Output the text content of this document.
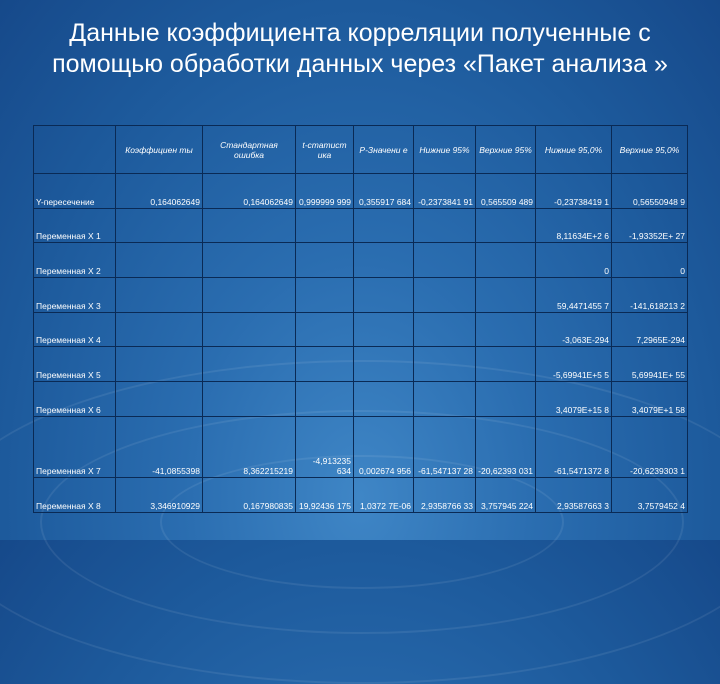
Данные коэффициента корреляции полученные с помощью обработки данных через «Пакет анализа »
	Коэффициен ты	Стандартная ошибка	t-статист ика	P-Значени е	Нижние 95%	Верхние 95%	Нижние 95,0%	Верхние 95,0%
Y-пересечение	0,164062649	0,164062649	0,999999 999	0,355917 684	-0,2373841 91	0,565509 489	-0,23738419 1	0,56550948 9
Переменная X 1							8,11634E+2 6	-1,93352E+ 27
Переменная X 2							0	0
Переменная X 3							59,4471455 7	-141,618213 2
Переменная X 4							-3,063E-294	7,2965E-294
Переменная X 5							-5,69941E+5 5	5,69941E+ 55
Переменная X 6							3,4079E+15 8	3,4079E+1 58
Переменная X 7	-41,0855398	8,362215219	-4,913235 634	0,002674 956	-61,547137 28	-20,62393 031	-61,5471372 8	-20,6239303 1
Переменная X 8	3,346910929	0,167980835	19,92436 175	1,0372 7E-06	2,9358766 33	3,757945 224	2,93587663 3	3,7579452 4
